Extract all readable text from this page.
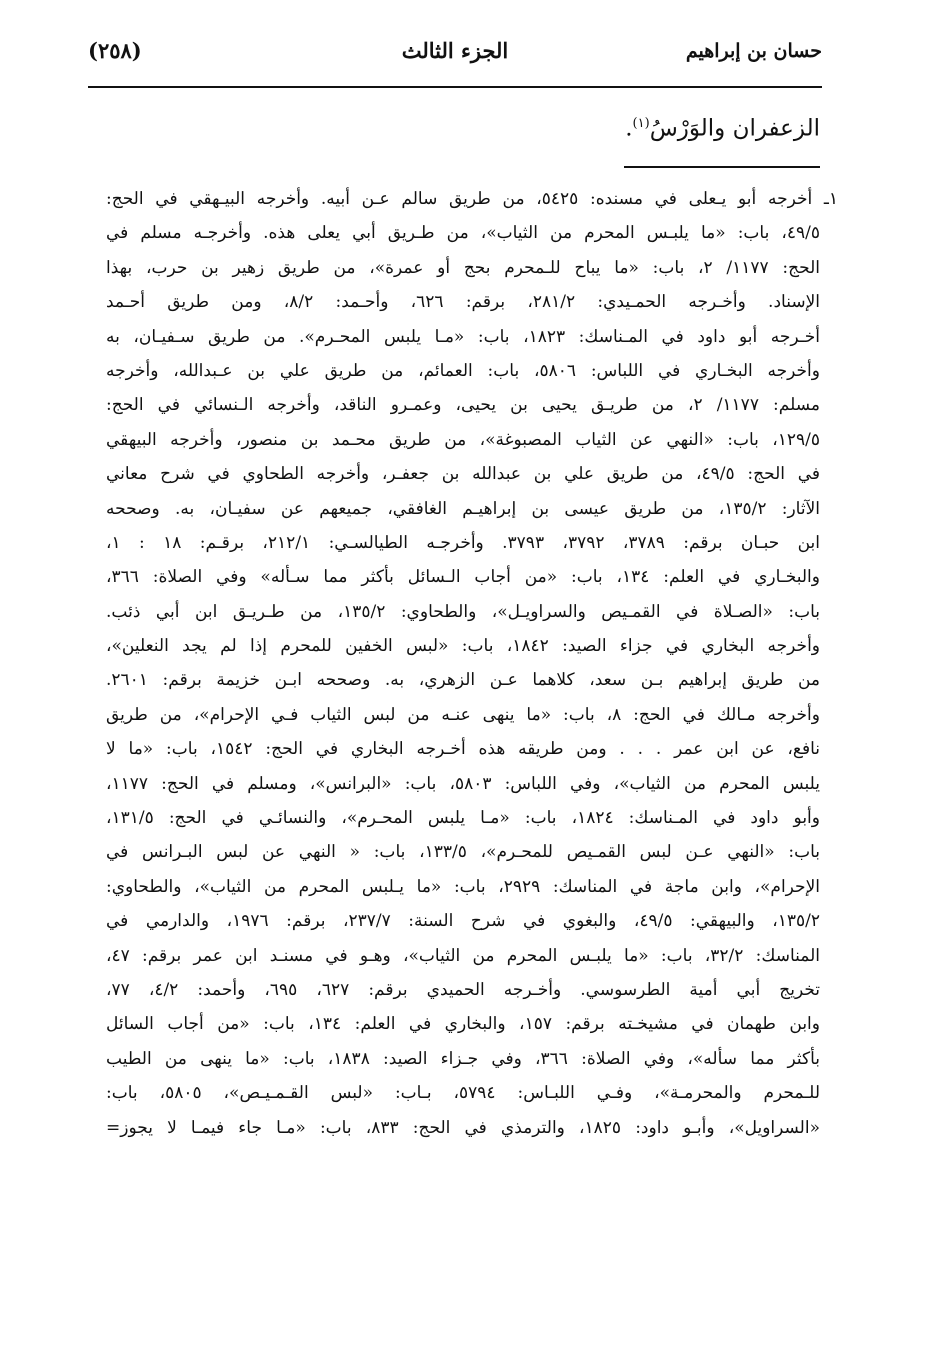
حسان بن إبراهيم
الجزء الثالث
(٢٥٨)
الزعفران والوَرْسُ$^{(١)}$.
١ـ أخرجه أبو يـعلى في مسنده: ٥٤٢٥، من طريق سالم عـن أبيه. وأخرجه البيـهقي في الحج:
٤٩/٥، باب: «ما يلبـس المحرم من الثياب»، من طـريق أبي يعلى هذه. وأخرجـه مسلم في
الحج: ١١٧٧/ ٢، باب: «ما يباح للـمحرم بحج أو عمرة»، من طريق زهير بن حرب، بهذا
الإسناد. وأخـرجه الحمـيدي: ٢٨١/٢، برقم: ٦٢٦، وأحـمد: ٨/٢، ومن طريق أحـمد
أخـرجه أبو داود في المـناسك: ١٨٢٣، باب: «مـا يلبس المحـرم». من طريق سـفيـان، به
وأخرجه البخـاري في اللباس: ٥٨٠٦، باب: العمائم، من طريق علي بن عـبدالله، وأخرجه
مسلم: ١١٧٧/ ٢، من طريـق يحيى بن يحيى، وعمـرو الناقد، وأخرجه الـنسائي في الحج:
١٢٩/٥، باب: «النهي عن الثياب المصبوغة»، من طريق محـمد بن منصور، وأخرجه البيهقي
في الحج: ٤٩/٥، من طريق علي بن عبدالله بن جعفـر، وأخرجه الطحاوي في شرح معاني
الآثار: ١٣٥/٢، من طريق عيسى بن إبراهيـم الغافقي، جميعهم عن سفيـان، به. وصححه
ابن حبـان برقم: ٣٧٨٩، ٣٧٩٢، ٣٧٩٣. وأخرجـه الطيالسـي: ٢١٢/١، برقـم: ١٨ : ١،
والبخـاري في العلم: ١٣٤، باب: «من أجاب الـسائل بأكثر مما سـأله» وفي الصلاة: ٣٦٦،
باب: «الصـلاة في القمـيص والسراويـل»، والطحاوي: ١٣٥/٢، من طـريـق ابن أبي ذئب.
وأخرجه البخاري في جزاء الصيد: ١٨٤٢، باب: «لبس الخفين للمحرم إذا لم يجد النعلين»،
من طريق إبراهيم بـن سعد، كلاهما عـن الزهري، به. وصححه ابـن خزيمة برقم: ٢٦٠١.
وأخرجه مـالك في الحج: ٨، باب: «ما ينهى عنـه من لبس الثياب فـي الإحرام»، من طريق
نافع، عن ابن عمر . . . ومن طريقه هذه أخـرجه البخاري في الحج: ١٥٤٢، باب: «ما لا
يلبس المحرم من الثياب»، وفي اللباس: ٥٨٠٣، باب: «البرانس»، ومسلم في الحج: ١١٧٧،
وأبو داود في المـناسك: ١٨٢٤، باب: «مـا يلبس المحـرم»، والنسائـي في الحج: ١٣١/٥،
باب: «النهي عـن لبس القمـيص للمحـرم»، ١٣٣/٥، باب: « النهي عن لبس البـرانس في
الإحرام»، وابن ماجة في المناسك: ٢٩٢٩، باب: «ما يـلبس المحرم من الثياب»، والطحاوي:
١٣٥/٢، والبيهقي: ٤٩/٥، والبغوي في شرح السنة: ٢٣٧/٧، برقم: ١٩٧٦، والدارمي في
المناسك: ٣٢/٢، باب: «ما يلبـس المحرم من الثياب»، وهـو في مسنـد ابن عمر برقم: ٤٧،
تخريج أبي أمية الطرسوسي. وأخـرجه الحميدي برقم: ٦٢٧، ٦٩٥، وأحمد: ٤/٢، ٧٧،
وابن طهمان في مشيخـته برقم: ١٥٧، والبخاري في العلم: ١٣٤، باب: «من أجاب السائل
بأكثر مما سأله»، وفي الصلاة: ٣٦٦، وفي جـزاء الصيد: ١٨٣٨، باب: «ما ينهى من الطيب
للـمحرم والمحرمـة»، وفـي اللبـاس: ٥٧٩٤، بـاب: «لبس القـمـيـص»، ٥٨٠٥، باب:
«السراويل»، وأبـو داود: ١٨٢٥، والترمذي في الحج: ٨٣٣، باب: «مـا جاء فيمـا لا يجوز=
